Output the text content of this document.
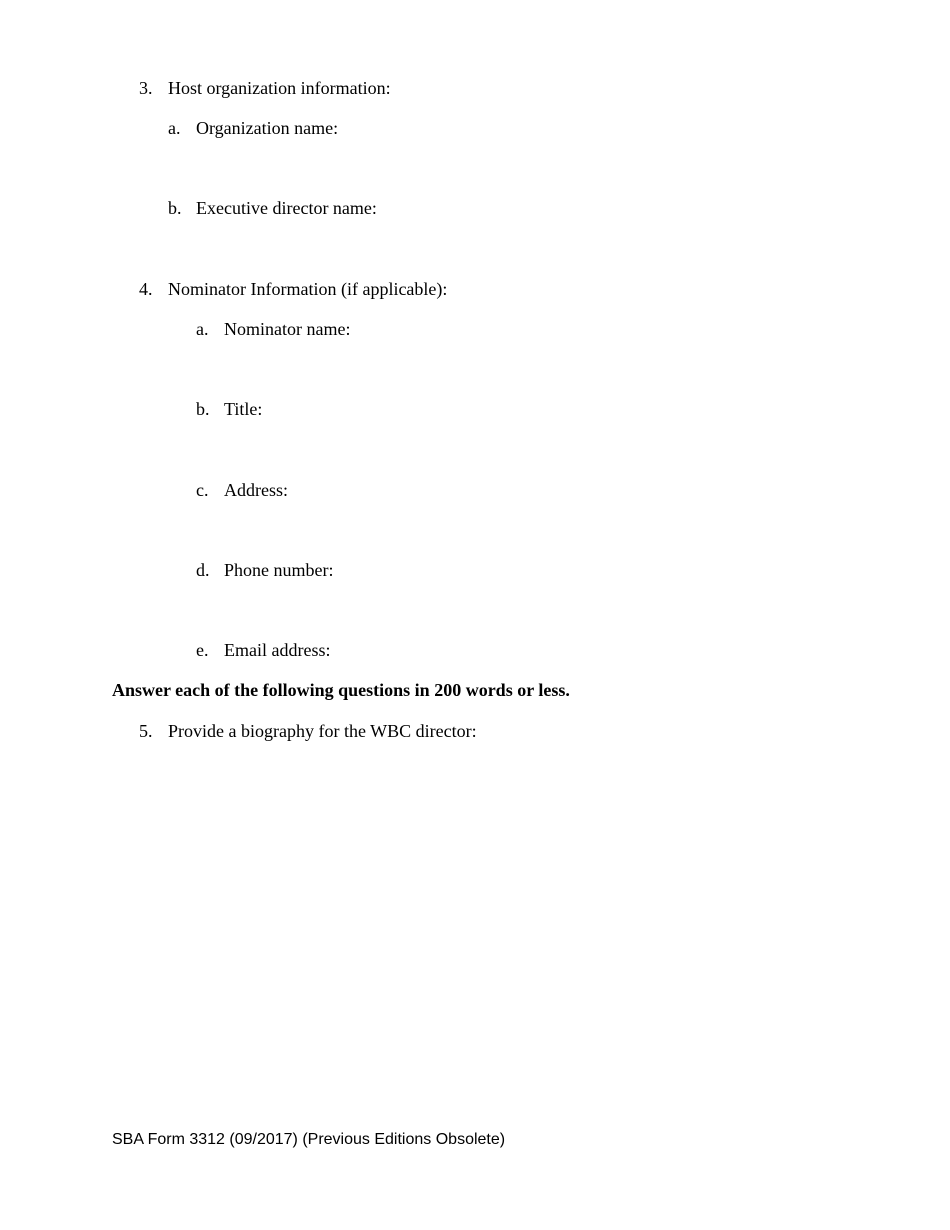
3. Host organization information:
a. Organization name:
b. Executive director name:
4. Nominator Information (if applicable):
a. Nominator name:
b. Title:
c. Address:
d. Phone number:
e. Email address:
Answer each of the following questions in 200 words or less.
5. Provide a biography for the WBC director:
SBA Form 3312 (09/2017) (Previous Editions Obsolete)
